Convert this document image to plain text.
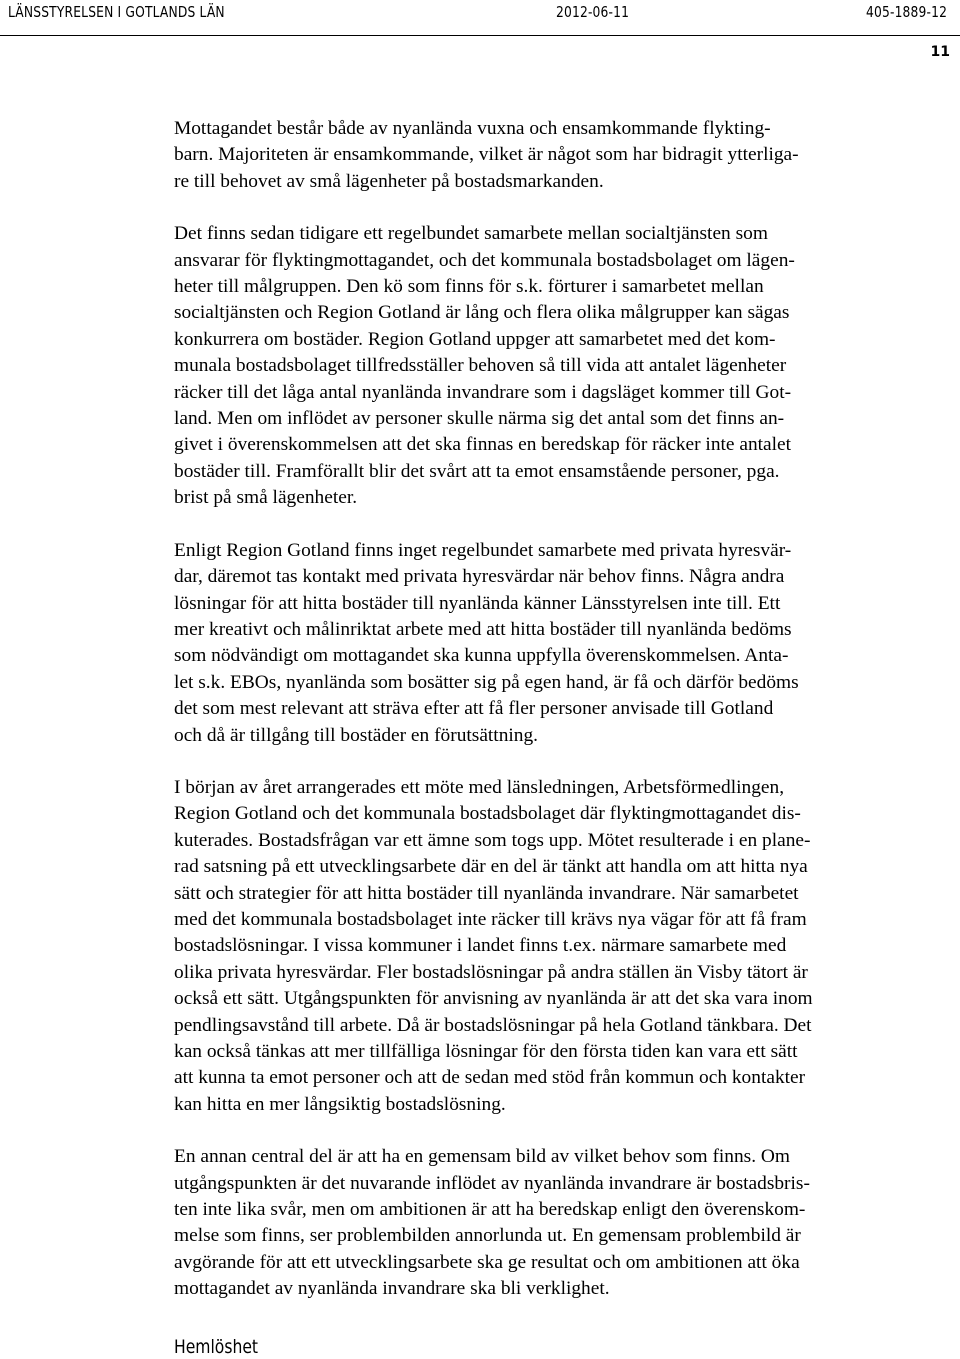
LÄNSSTYRELSEN I GOTLANDS LÄN	2012-06-11	405-1889-12
11

Mottagandet består både av nyanlända vuxna och ensamkommande flykting-
barn. Majoriteten är ensamkommande, vilket är något som har bidragit ytterliga-
re till behovet av små lägenheter på bostadsmarkanden.

Det finns sedan tidigare ett regelbundet samarbete mellan socialtjänsten som
ansvarar för flyktingmottagandet, och det kommunala bostadsbolaget om lägen-
heter till målgruppen. Den kö som finns för s.k. förturer i samarbetet mellan
socialtjänsten och Region Gotland är lång och flera olika målgrupper kan sägas
konkurrera om bostäder. Region Gotland uppger att samarbetet med det kom-
munala bostadsbolaget tillfredsställer behoven så till vida att antalet lägenheter
räcker till det låga antal nyanlända invandrare som i dagsläget kommer till Got-
land. Men om inflödet av personer skulle närma sig det antal som det finns an-
givet i överenskommelsen att det ska finnas en beredskap för räcker inte antalet
bostäder till. Framförallt blir det svårt att ta emot ensamstående personer, pga.
brist på små lägenheter.

Enligt Region Gotland finns inget regelbundet samarbete med privata hyresvär-
dar, däremot tas kontakt med privata hyresvärdar när behov finns. Några andra
lösningar för att hitta bostäder till nyanlända känner Länsstyrelsen inte till. Ett
mer kreativt och målinriktat arbete med att hitta bostäder till nyanlända bedöms
som nödvändigt om mottagandet ska kunna uppfylla överenskommelsen. Anta-
let s.k. EBOs, nyanlända som bosätter sig på egen hand, är få och därför bedöms
det som mest relevant att sträva efter att få fler personer anvisade till Gotland
och då är tillgång till bostäder en förutsättning.

I början av året arrangerades ett möte med länsledningen, Arbetsförmedlingen,
Region Gotland och det kommunala bostadsbolaget där flyktingmottagandet dis-
kuterades. Bostadsfrågan var ett ämne som togs upp. Mötet resulterade i en plane-
rad satsning på ett utvecklingsarbete där en del är tänkt att handla om att hitta nya
sätt och strategier för att hitta bostäder till nyanlända invandrare. När samarbetet
med det kommunala bostadsbolaget inte räcker till krävs nya vägar för att få fram
bostadslösningar. I vissa kommuner i landet finns t.ex. närmare samarbete med
olika privata hyresvärdar. Fler bostadslösningar på andra ställen än Visby tätort är
också ett sätt. Utgångspunkten för anvisning av nyanlända är att det ska vara inom
pendlingsavstånd till arbete. Då är bostadslösningar på hela Gotland tänkbara. Det
kan också tänkas att mer tillfälliga lösningar för den första tiden kan vara ett sätt
att kunna ta emot personer och att de sedan med stöd från kommun och kontakter
kan hitta en mer långsiktig bostadslösning.

En annan central del är att ha en gemensam bild av vilket behov som finns. Om
utgångspunkten är det nuvarande inflödet av nyanlända invandrare är bostadsbris-
ten inte lika svår, men om ambitionen är att ha beredskap enligt den överenskom-
melse som finns, ser problembilden annorlunda ut. En gemensam problembild är
avgörande för att ett utvecklingsarbete ska ge resultat och om ambitionen att öka
mottagandet av nyanlända invandrare ska bli verklighet.

Hemlöshet
